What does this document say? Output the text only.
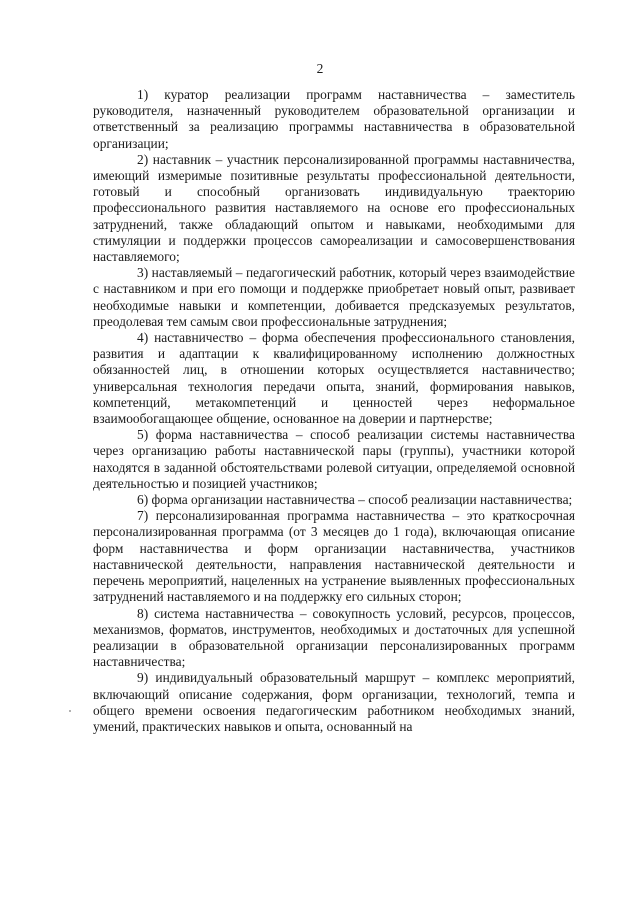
2

1) куратор реализации программ наставничества – заместитель руководителя, назначенный руководителем образовательной организации и ответственный за реализацию программы наставничества в образовательной организации;

2) наставник – участник персонализированной программы наставничества, имеющий измеримые позитивные результаты профессиональной деятельности, готовый и способный организовать индивидуальную траекторию профессионального развития наставляемого на основе его профессиональных затруднений, также обладающий опытом и навыками, необходимыми для стимуляции и поддержки процессов самореализации и самосовершенствования наставляемого;

3) наставляемый – педагогический работник, который через взаимодействие с наставником и при его помощи и поддержке приобретает новый опыт, развивает необходимые навыки и компетенции, добивается предсказуемых результатов, преодолевая тем самым свои профессиональные затруднения;

4) наставничество – форма обеспечения профессионального становления, развития и адаптации к квалифицированному исполнению должностных обязанностей лиц, в отношении которых осуществляется наставничество; универсальная технология передачи опыта, знаний, формирования навыков, компетенций, метакомпетенций и ценностей через неформальное взаимообогащающее общение, основанное на доверии и партнерстве;

5) форма наставничества – способ реализации системы наставничества через организацию работы наставнической пары (группы), участники которой находятся в заданной обстоятельствами ролевой ситуации, определяемой основной деятельностью и позицией участников;

6) форма организации наставничества – способ реализации наставничества;

7) персонализированная программа наставничества – это краткосрочная персонализированная программа (от 3 месяцев до 1 года), включающая описание форм наставничества и форм организации наставничества, участников наставнической деятельности, направления наставнической деятельности и перечень мероприятий, нацеленных на устранение выявленных профессиональных затруднений наставляемого и на поддержку его сильных сторон;

8) система наставничества – совокупность условий, ресурсов, процессов, механизмов, форматов, инструментов, необходимых и достаточных для успешной реализации в образовательной организации персонализированных программ наставничества;

9) индивидуальный образовательный маршрут – комплекс мероприятий, включающий описание содержания, форм организации, технологий, темпа и общего времени освоения педагогическим работником необходимых знаний, умений, практических навыков и опыта, основанный на
